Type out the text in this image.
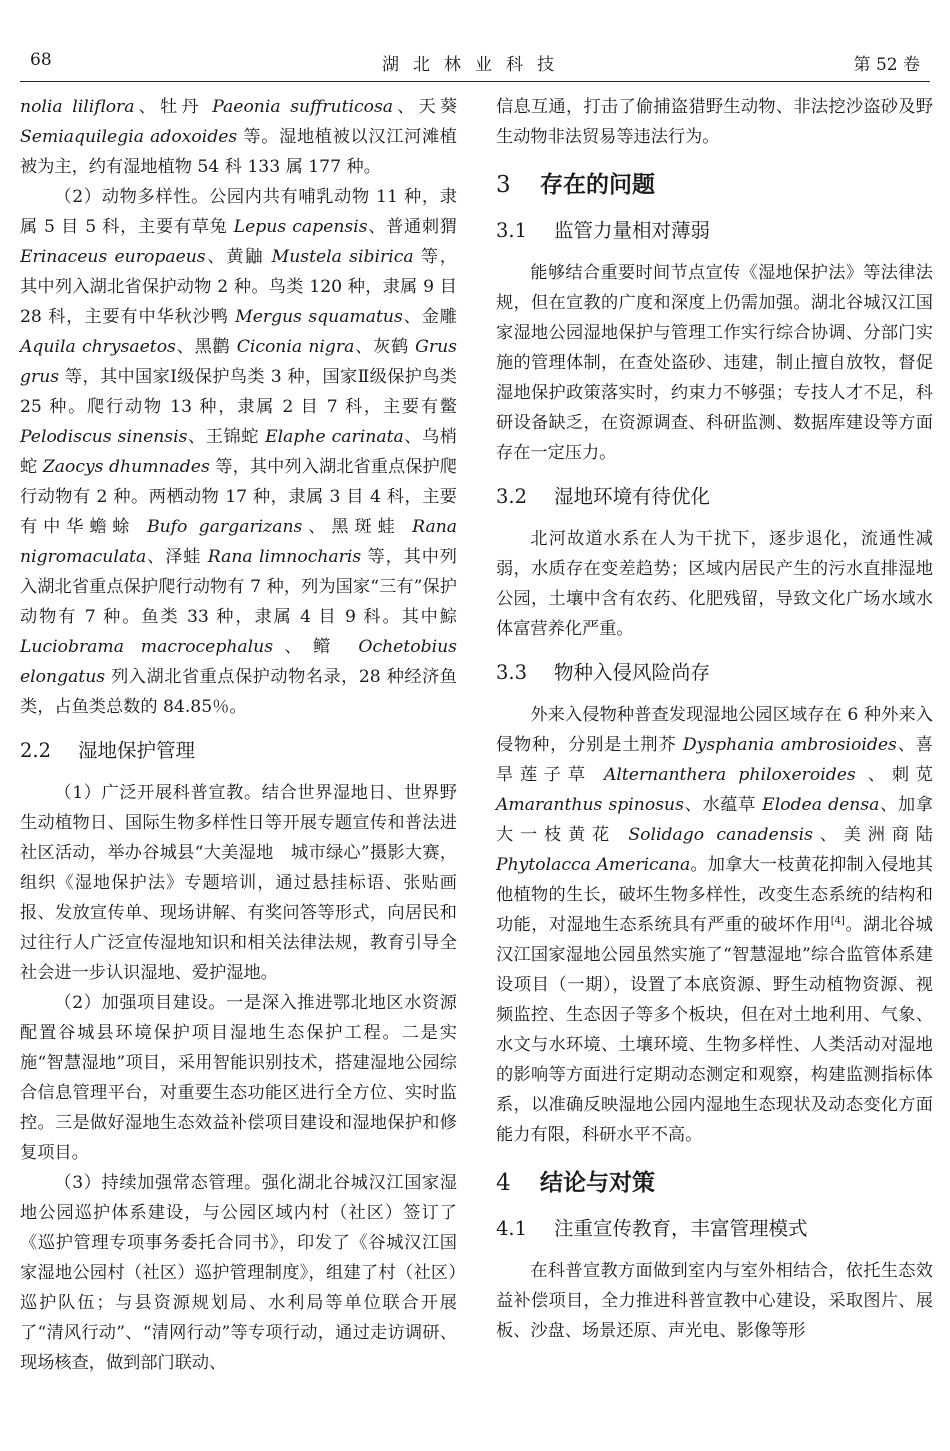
68	湖北林业科技	第 52 卷

nolia liliflora、牡丹 Paeonia suffruticosa、天葵 Semiaquilegia adoxoides 等。湿地植被以汉江河滩植被为主，约有湿地植物 54 科 133 属 177 种。

（2）动物多样性。公园内共有哺乳动物 11 种，隶属 5 目 5 科，主要有草兔 Lepus capensis、普通刺猬 Erinaceus europaeus、黄鼬 Mustela sibirica 等，其中列入湖北省保护动物 2 种。鸟类 120 种，隶属 9 目 28 科，主要有中华秋沙鸭 Mergus squamatus、金雕 Aquila chrysaetos、黑鹳 Ciconia nigra、灰鹤 Grus grus 等，其中国家Ⅰ级保护鸟类 3 种，国家Ⅱ级保护鸟类 25 种。爬行动物 13 种，隶属 2 目 7 科，主要有鳖 Pelodiscus sinensis、王锦蛇 Elaphe carinata、乌梢蛇 Zaocys dhumnades 等，其中列入湖北省重点保护爬行动物有 2 种。两栖动物 17 种，隶属 3 目 4 科，主要有中华蟾蜍 Bufo gargarizans、黑斑蛙 Rana nigromaculata、泽蛙 Rana limnocharis 等，其中列入湖北省重点保护爬行动物有 7 种，列为国家“三有”保护动物有 7 种。鱼类 33 种，隶属 4 目 9 科。其中鯮 Luciobrama macrocephalus、鳤 Ochetobius elongatus 列入湖北省重点保护动物名录，28 种经济鱼类，占鱼类总数的 84.85％。

2.2 湿地保护管理

（1）广泛开展科普宣教。结合世界湿地日、世界野生动植物日、国际生物多样性日等开展专题宣传和普法进社区活动，举办谷城县“大美湿地　城市绿心”摄影大赛，组织《湿地保护法》专题培训，通过悬挂标语、张贴画报、发放宣传单、现场讲解、有奖问答等形式，向居民和过往行人广泛宣传湿地知识和相关法律法规，教育引导全社会进一步认识湿地、爱护湿地。

（2）加强项目建设。一是深入推进鄂北地区水资源配置谷城县环境保护项目湿地生态保护工程。二是实施“智慧湿地”项目，采用智能识别技术，搭建湿地公园综合信息管理平台，对重要生态功能区进行全方位、实时监控。三是做好湿地生态效益补偿项目建设和湿地保护和修复项目。

（3）持续加强常态管理。强化湖北谷城汉江国家湿地公园巡护体系建设，与公园区域内村（社区）签订了《巡护管理专项事务委托合同书》，印发了《谷城汉江国家湿地公园村（社区）巡护管理制度》，组建了村（社区）巡护队伍；与县资源规划局、水利局等单位联合开展了“清风行动”、“清网行动”等专项行动，通过走访调研、现场核查，做到部门联动、

信息互通，打击了偷捕盗猎野生动物、非法挖沙盗砂及野生动物非法贸易等违法行为。

3 存在的问题
3.1 监管力量相对薄弱

能够结合重要时间节点宣传《湿地保护法》等法律法规，但在宣教的广度和深度上仍需加强。湖北谷城汉江国家湿地公园湿地保护与管理工作实行综合协调、分部门实施的管理体制，在查处盗砂、违建，制止擅自放牧，督促湿地保护政策落实时，约束力不够强；专技人才不足，科研设备缺乏，在资源调查、科研监测、数据库建设等方面存在一定压力。

3.2 湿地环境有待优化

北河故道水系在人为干扰下，逐步退化，流通性减弱，水质存在变差趋势；区域内居民产生的污水直排湿地公园，土壤中含有农药、化肥残留，导致文化广场水域水体富营养化严重。

3.3 物种入侵风险尚存

外来入侵物种普查发现湿地公园区域存在 6 种外来入侵物种，分别是土荆芥 Dysphania ambrosioides、喜旱莲子草 Alternanthera philoxeroides 、刺苋 Amaranthus spinosus、水蕴草 Elodea densa、加拿大一枝黄花 Solidago canadensis、美洲商陆 Phytolacca Americana。加拿大一枝黄花抑制入侵地其他植物的生长，破坏生物多样性，改变生态系统的结构和功能，对湿地生态系统具有严重的破坏作用[4]。湖北谷城汉江国家湿地公园虽然实施了“智慧湿地”综合监管体系建设项目（一期），设置了本底资源、野生动植物资源、视频监控、生态因子等多个板块，但在对土地利用、气象、水文与水环境、土壤环境、生物多样性、人类活动对湿地的影响等方面进行定期动态测定和观察，构建监测指标体系，以准确反映湿地公园内湿地生态现状及动态变化方面能力有限，科研水平不高。

4 结论与对策
4.1 注重宣传教育，丰富管理模式

在科普宣教方面做到室内与室外相结合，依托生态效益补偿项目，全力推进科普宣教中心建设，采取图片、展板、沙盘、场景还原、声光电、影像等形
